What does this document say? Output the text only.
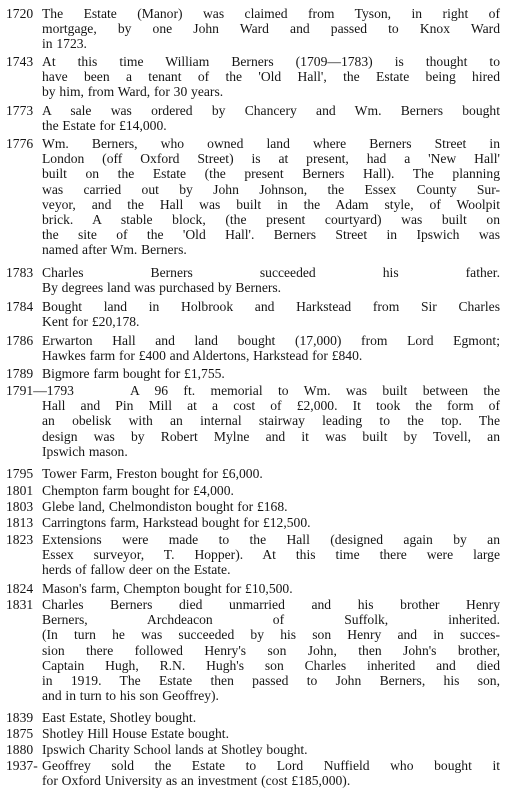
1720 The Estate (Manor) was claimed from Tyson, in right of
mortgage, by one John Ward and passed to Knox Ward
in 1723.
1743 At this time William Berners (1709—1783) is thought to
have been a tenant of the 'Old Hall', the Estate being hired
by him, from Ward, for 30 years.
1773 A sale was ordered by Chancery and Wm. Berners bought
the Estate for £14,000.
1776 Wm. Berners, who owned land where Berners Street in
London (off Oxford Street) is at present, had a 'New Hall'
built on the Estate (the present Berners Hall). The planning
was carried out by John Johnson, the Essex County Sur-
veyor, and the Hall was built in the Adam style, of Woolpit
brick. A stable block, (the present courtyard) was built on
the site of the 'Old Hall'. Berners Street in Ipswich was
named after Wm. Berners.
1783 Charles Berners succeeded his father.
By degrees land was purchased by Berners.
1784 Bought land in Holbrook and Harkstead from Sir Charles
Kent for £20,178.
1786 Erwarton Hall and land bought (17,000) from Lord Egmont;
Hawkes farm for £400 and Aldertons, Harkstead for £840.
1789 Bigmore farm bought for £1,755.
1791—1793	A 96 ft. memorial to Wm. was built between the
Hall and Pin Mill at a cost of £2,000. It took the form of
an obelisk with an internal stairway leading to the top. The
design was by Robert Mylne and it was built by Tovell, an
Ipswich mason.
1795 Tower Farm, Freston bought for £6,000.
1801 Chempton farm bought for £4,000.
1803 Glebe land, Chelmondiston bought for £168.
1813 Carringtons farm, Harkstead bought for £12,500.
1823 Extensions were made to the Hall (designed again by an
Essex surveyor, T. Hopper). At this time there were large
herds of fallow deer on the Estate.
1824 Mason's farm, Chempton bought for £10,500.
1831 Charles Berners died unmarried and his brother Henry
Berners, Archdeacon of Suffolk, inherited.
(In turn he was succeeded by his son Henry and in succes-
sion there followed Henry's son John, then John's brother,
Captain Hugh, R.N. Hugh's son Charles inherited and died
in 1919. The Estate then passed to John Berners, his son,
and in turn to his son Geoffrey).
1839 East Estate, Shotley bought.
1875 Shotley Hill House Estate bought.
1880 Ipswich Charity School lands at Shotley bought.
1937- Geoffrey sold the Estate to Lord Nuffield who bought it
for Oxford University as an investment (cost £185,000).
